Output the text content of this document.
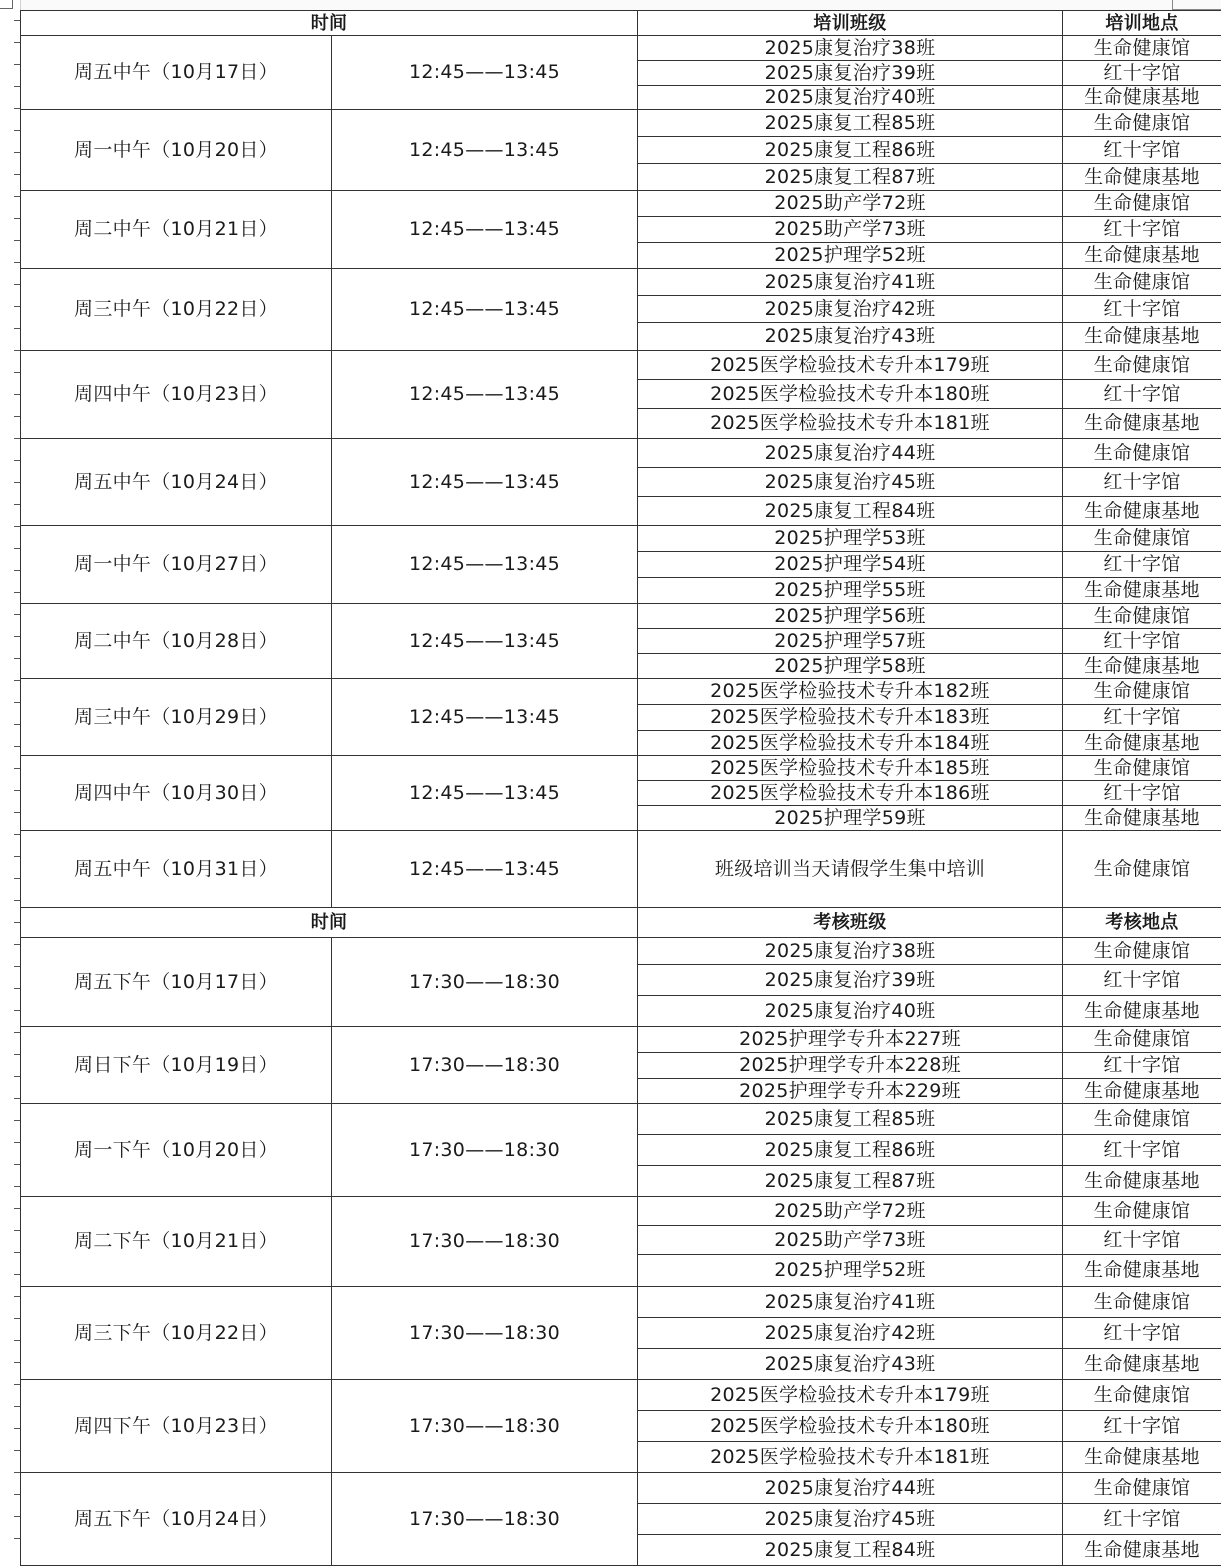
时间		培训班级	培训地点
周五中午（10月17日）	12:45——13:45	2025康复治疗38班	生命健康馆
		2025康复治疗39班	红十字馆
		2025康复治疗40班	生命健康基地
周一中午（10月20日）	12:45——13:45	2025康复工程85班	生命健康馆
		2025康复工程86班	红十字馆
		2025康复工程87班	生命健康基地
周二中午（10月21日）	12:45——13:45	2025助产学72班	生命健康馆
		2025助产学73班	红十字馆
		2025护理学52班	生命健康基地
周三中午（10月22日）	12:45——13:45	2025康复治疗41班	生命健康馆
		2025康复治疗42班	红十字馆
		2025康复治疗43班	生命健康基地
周四中午（10月23日）	12:45——13:45	2025医学检验技术专升本179班	生命健康馆
		2025医学检验技术专升本180班	红十字馆
		2025医学检验技术专升本181班	生命健康基地
周五中午（10月24日）	12:45——13:45	2025康复治疗44班	生命健康馆
		2025康复治疗45班	红十字馆
		2025康复工程84班	生命健康基地
周一中午（10月27日）	12:45——13:45	2025护理学53班	生命健康馆
		2025护理学54班	红十字馆
		2025护理学55班	生命健康基地
周二中午（10月28日）	12:45——13:45	2025护理学56班	生命健康馆
		2025护理学57班	红十字馆
		2025护理学58班	生命健康基地
周三中午（10月29日）	12:45——13:45	2025医学检验技术专升本182班	生命健康馆
		2025医学检验技术专升本183班	红十字馆
		2025医学检验技术专升本184班	生命健康基地
周四中午（10月30日）	12:45——13:45	2025医学检验技术专升本185班	生命健康馆
		2025医学检验技术专升本186班	红十字馆
		2025护理学59班	生命健康基地
周五中午（10月31日）	12:45——13:45	班级培训当天请假学生集中培训	生命健康馆
时间		考核班级	考核地点
周五下午（10月17日）	17:30——18:30	2025康复治疗38班	生命健康馆
		2025康复治疗39班	红十字馆
		2025康复治疗40班	生命健康基地
周日下午（10月19日）	17:30——18:30	2025护理学专升本227班	生命健康馆
		2025护理学专升本228班	红十字馆
		2025护理学专升本229班	生命健康基地
周一下午（10月20日）	17:30——18:30	2025康复工程85班	生命健康馆
		2025康复工程86班	红十字馆
		2025康复工程87班	生命健康基地
周二下午（10月21日）	17:30——18:30	2025助产学72班	生命健康馆
		2025助产学73班	红十字馆
		2025护理学52班	生命健康基地
周三下午（10月22日）	17:30——18:30	2025康复治疗41班	生命健康馆
		2025康复治疗42班	红十字馆
		2025康复治疗43班	生命健康基地
周四下午（10月23日）	17:30——18:30	2025医学检验技术专升本179班	生命健康馆
		2025医学检验技术专升本180班	红十字馆
		2025医学检验技术专升本181班	生命健康基地
周五下午（10月24日）	17:30——18:30	2025康复治疗44班	生命健康馆
		2025康复治疗45班	红十字馆
		2025康复工程84班	生命健康基地
